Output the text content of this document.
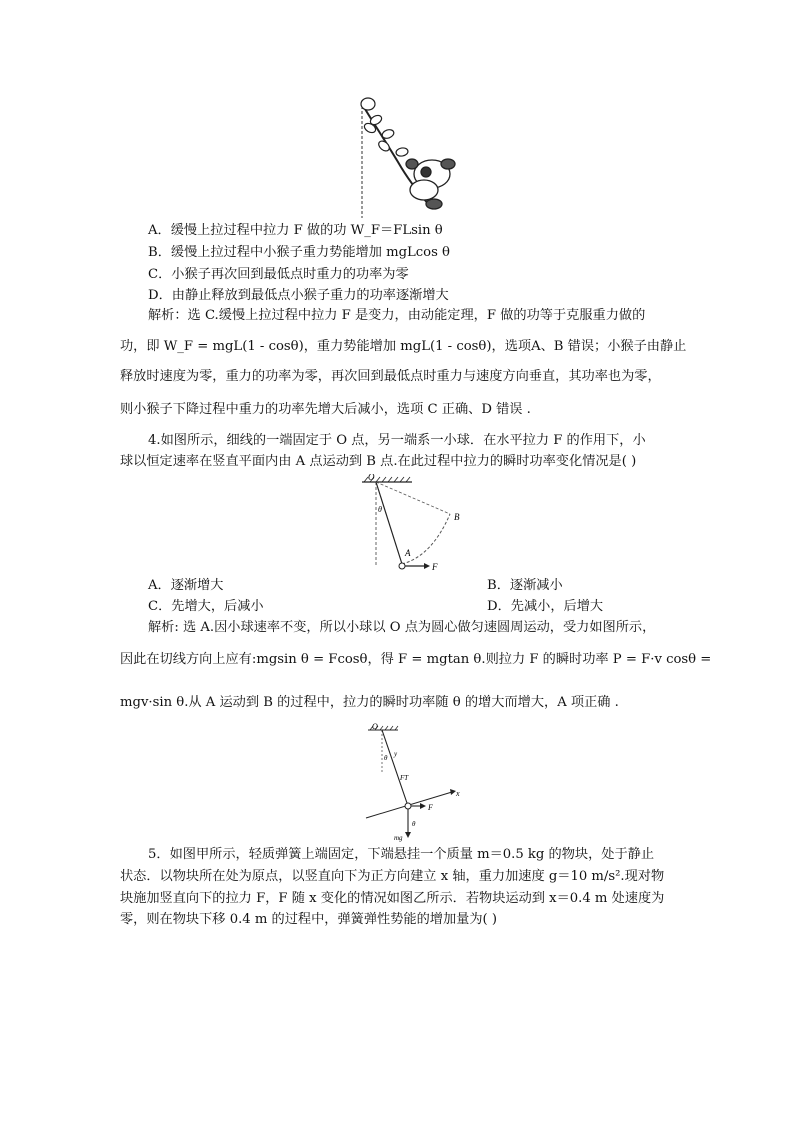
A．缓慢上拉过程中拉力 F 做的功 W_F＝FLsin θ
B．缓慢上拉过程中小猴子重力势能增加 mgLcos θ
C．小猴子再次回到最低点时重力的功率为零
D．由静止释放到最低点小猴子重力的功率逐渐增大
解析：选 C.缓慢上拉过程中拉力 F 是变力，由动能定理，F 做的功等于克服重力做的
功，即 W_F = mgL(1 - cosθ)，重力势能增加 mgL(1 - cosθ)，选项A、B 错误；小猴子由静止
释放时速度为零，重力的功率为零，再次回到最低点时重力与速度方向垂直，其功率也为零，
则小猴子下降过程中重力的功率先增大后减小，选项 C 正确、D 错误 .
4.如图所示，细线的一端固定于 O 点，另一端系一小球．在水平拉力 F 的作用下，小
球以恒定速率在竖直平面内由 A 点运动到 B 点.在此过程中拉力的瞬时功率变化情况是( )
O
θ
A
B
F
A．逐渐增大	B．逐渐减小
C．先增大，后减小	D．先减小，后增大
解析: 选 A.因小球速率不变，所以小球以 O 点为圆心做匀速圆周运动，受力如图所示，
因此在切线方向上应有:mgsin θ = Fcosθ，得 F = mgtan θ.则拉力 F 的瞬时功率 P = F·v cosθ =
mgv·sin θ.从 A 运动到 B 的过程中，拉力的瞬时功率随 θ 的增大而增大，A 项正确 .
O
θ y
FT
x
F
θ
mg
5．如图甲所示，轻质弹簧上端固定，下端悬挂一个质量 m＝0.5 kg 的物块，处于静止
状态．以物块所在处为原点，以竖直向下为正方向建立 x 轴，重力加速度 g＝10 m/s².现对物
块施加竖直向下的拉力 F，F 随 x 变化的情况如图乙所示．若物块运动到 x＝0.4 m 处速度为
零，则在物块下移 0.4 m 的过程中，弹簧弹性势能的增加量为( )
